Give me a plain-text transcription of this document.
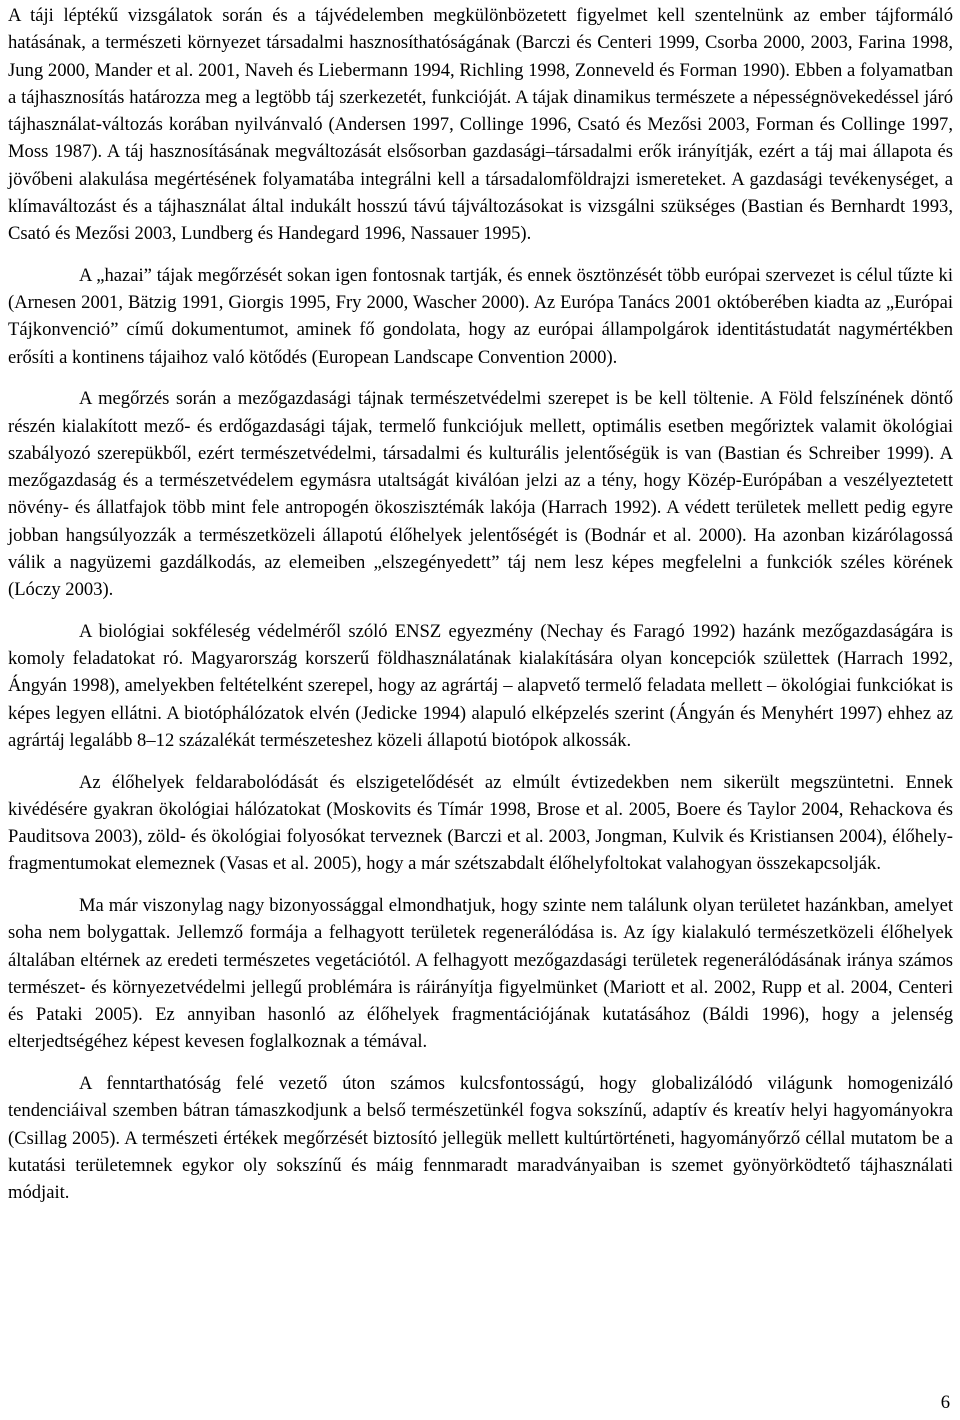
A táji léptékű vizsgálatok során és a tájvédelemben megkülönbözetett figyelmet kell szentelnünk az ember tájformáló hatásának, a természeti környezet társadalmi hasznosíthatóságának (Barczi és Centeri 1999, Csorba 2000, 2003, Farina 1998, Jung 2000, Mander et al. 2001, Naveh és Liebermann 1994, Richling 1998, Zonneveld és Forman 1990). Ebben a folyamatban a tájhasznosítás határozza meg a legtöbb táj szerkezetét, funkcióját. A tájak dinamikus természete a népességnövekedéssel járó tájhasználat-változás korában nyilvánvaló (Andersen 1997, Collinge 1996, Csató és Mezősi 2003, Forman és Collinge 1997, Moss 1987). A táj hasznosításának megváltozását elsősorban gazdasági–társadalmi erők irányítják, ezért a táj mai állapota és jövőbeni alakulása megértésének folyamatába integrálni kell a társadalomföldrajzi ismereteket. A gazdasági tevékenységet, a klímaváltozást és a tájhasználat által indukált hosszú távú tájváltozásokat is vizsgálni szükséges (Bastian és Bernhardt 1993, Csató és Mezősi 2003, Lundberg és Handegard 1996, Nassauer 1995).

A „hazai” tájak megőrzését sokan igen fontosnak tartják, és ennek ösztönzését több európai szervezet is célul tűzte ki (Arnesen 2001, Bätzig 1991, Giorgis 1995, Fry 2000, Wascher 2000). Az Európa Tanács 2001 októberében kiadta az „Európai Tájkonvenció” című dokumentumot, aminek fő gondolata, hogy az európai állampolgárok identitástudatát nagymértékben erősíti a kontinens tájaihoz való kötődés (European Landscape Convention 2000).

A megőrzés során a mezőgazdasági tájnak természetvédelmi szerepet is be kell töltenie. A Föld felszínének döntő részén kialakított mező- és erdőgazdasági tájak, termelő funkciójuk mellett, optimális esetben megőriztek valamit ökológiai szabályozó szerepükből, ezért természetvédelmi, társadalmi és kulturális jelentőségük is van (Bastian és Schreiber 1999). A mezőgazdaság és a természetvédelem egymásra utaltságát kiválóan jelzi az a tény, hogy Közép-Európában a veszélyeztetett növény- és állatfajok több mint fele antropogén ökoszisztémák lakója (Harrach 1992). A védett területek mellett pedig egyre jobban hangsúlyozzák a természetközeli állapotú élőhelyek jelentőségét is (Bodnár et al. 2000). Ha azonban kizárólagossá válik a nagyüzemi gazdálkodás, az elemeiben „elszegényedett” táj nem lesz képes megfelelni a funkciók széles körének (Lóczy 2003).

A biológiai sokféleség védelméről szóló ENSZ egyezmény (Nechay és Faragó 1992) hazánk mezőgazdaságára is komoly feladatokat ró. Magyarország korszerű földhasználatának kialakítására olyan koncepciók születtek (Harrach 1992, Ángyán 1998), amelyekben feltételként szerepel, hogy az agrártáj – alapvető termelő feladata mellett – ökológiai funkciókat is képes legyen ellátni. A biotóphálózatok elvén (Jedicke 1994) alapuló elképzelés szerint (Ángyán és Menyhért 1997) ehhez az agrártáj legalább 8–12 százalékát természeteshez közeli állapotú biotópok alkossák.

Az élőhelyek feldarabolódását és elszigetelődését az elmúlt évtizedekben nem sikerült megszüntetni. Ennek kivédésére gyakran ökológiai hálózatokat (Moskovits és Tímár 1998, Brose et al. 2005, Boere és Taylor 2004, Rehackova és Pauditsova 2003), zöld- és ökológiai folyosókat terveznek (Barczi et al. 2003, Jongman, Kulvik és Kristiansen 2004), élőhely-fragmentumokat elemeznek (Vasas et al. 2005), hogy a már szétszabdalt élőhelyfoltokat valahogyan összekapcsolják.

Ma már viszonylag nagy bizonyossággal elmondhatjuk, hogy szinte nem találunk olyan területet hazánkban, amelyet soha nem bolygattak. Jellemző formája a felhagyott területek regenerálódása is. Az így kialakuló természetközeli élőhelyek általában eltérnek az eredeti természetes vegetációtól. A felhagyott mezőgazdasági területek regenerálódásának iránya számos természet- és környezetvédelmi jellegű problémára is ráirányítja figyelmünket (Mariott et al. 2002, Rupp et al. 2004, Centeri és Pataki 2005). Ez annyiban hasonló az élőhelyek fragmentációjának kutatásához (Báldi 1996), hogy a jelenség elterjedtségéhez képest kevesen foglalkoznak a témával.

A fenntarthatóság felé vezető úton számos kulcsfontosságú, hogy globalizálódó világunk homogenizáló tendenciáival szemben bátran támaszkodjunk a belső természetünkél fogva sokszínű, adaptív és kreatív helyi hagyományokra (Csillag 2005). A természeti értékek megőrzését biztosító jellegük mellett kultúrtörténeti, hagyományőrző céllal mutatom be a kutatási területemnek egykor oly sokszínű és máig fennmaradt maradványaiban is szemet gyönyörködtető tájhasználati módjait.

6
